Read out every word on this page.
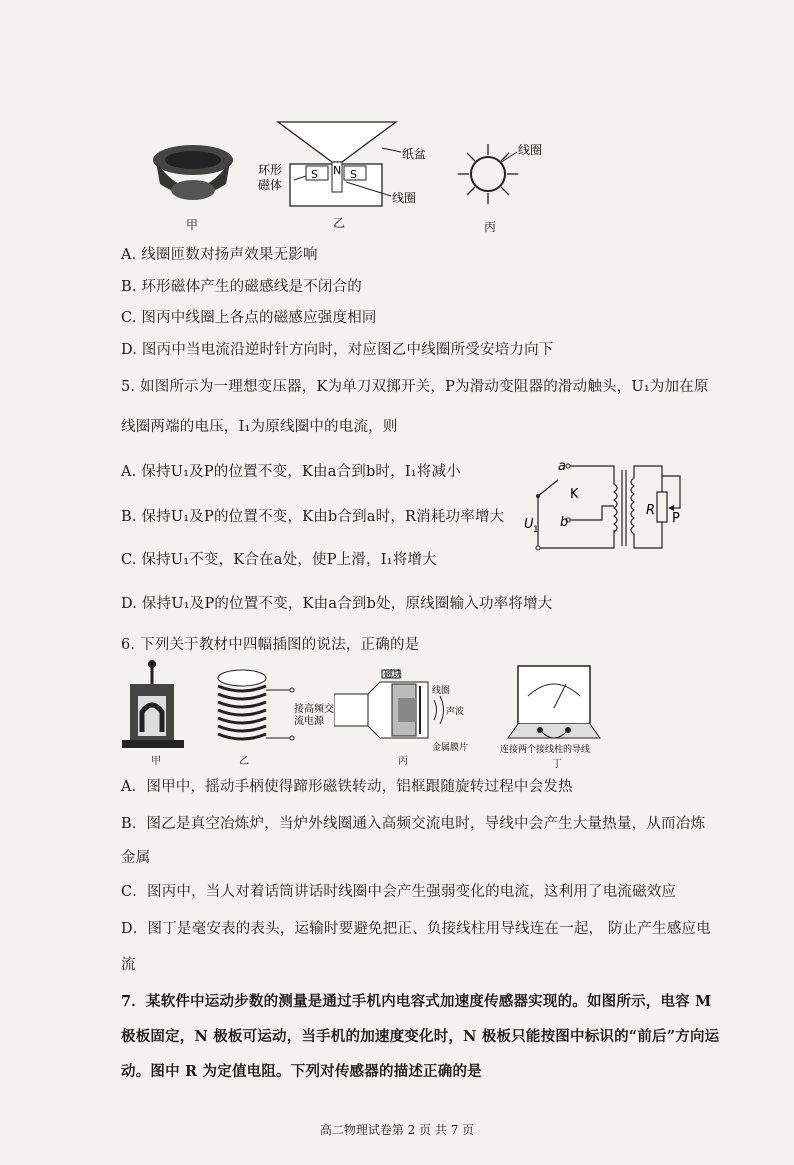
S N S
纸盆
线圈
环形
磁体
线圈
甲	乙	丙
A. 线圈匝数对扬声效果无影响
B. 环形磁体产生的磁感线是不闭合的
C. 图丙中线圈上各点的磁感应强度相同
D. 图丙中当电流沿逆时针方向时，对应图乙中线圈所受安培力向下
5. 如图所示为一理想变压器，K为单刀双掷开关，P为滑动变阻器的滑动触头，U₁为加在原
线圈两端的电压，I₁为原线圈中的电流，则
A. 保持U₁及P的位置不变，K由a合到b时，I₁将减小
B. 保持U₁及P的位置不变，K由b合到a时，R消耗功率增大
C. 保持U₁不变，K合在a处，使P上滑，I₁将增大
D. 保持U₁及P的位置不变，K由a合到b处，原线圈输入功率将增大
a
b
K
U 1
R
P
6. 下列关于教材中四幅插图的说法，正确的是
接高频交
流电源
磁块
线圈
声波
金属膜片	连接两个接线柱的导线
甲	乙	丙	丁
A．图甲中，摇动手柄使得蹄形磁铁转动，铝框跟随旋转过程中会发热
B．图乙是真空冶炼炉，当炉外线圈通入高频交流电时，导线中会产生大量热量，从而冶炼
金属
C．图丙中，当人对着话筒讲话时线圈中会产生强弱变化的电流，这利用了电流磁效应
D．图丁是毫安表的表头，运输时要避免把正、负接线柱用导线连在一起， 防止产生感应电
流
7．某软件中运动步数的测量是通过手机内电容式加速度传感器实现的。如图所示，电容 M
极板固定，N 极板可运动，当手机的加速度变化时，N 极板只能按图中标识的“前后”方向运
动。图中 R 为定值电阻。下列对传感器的描述正确的是
高二物理试卷第 2 页 共 7 页
